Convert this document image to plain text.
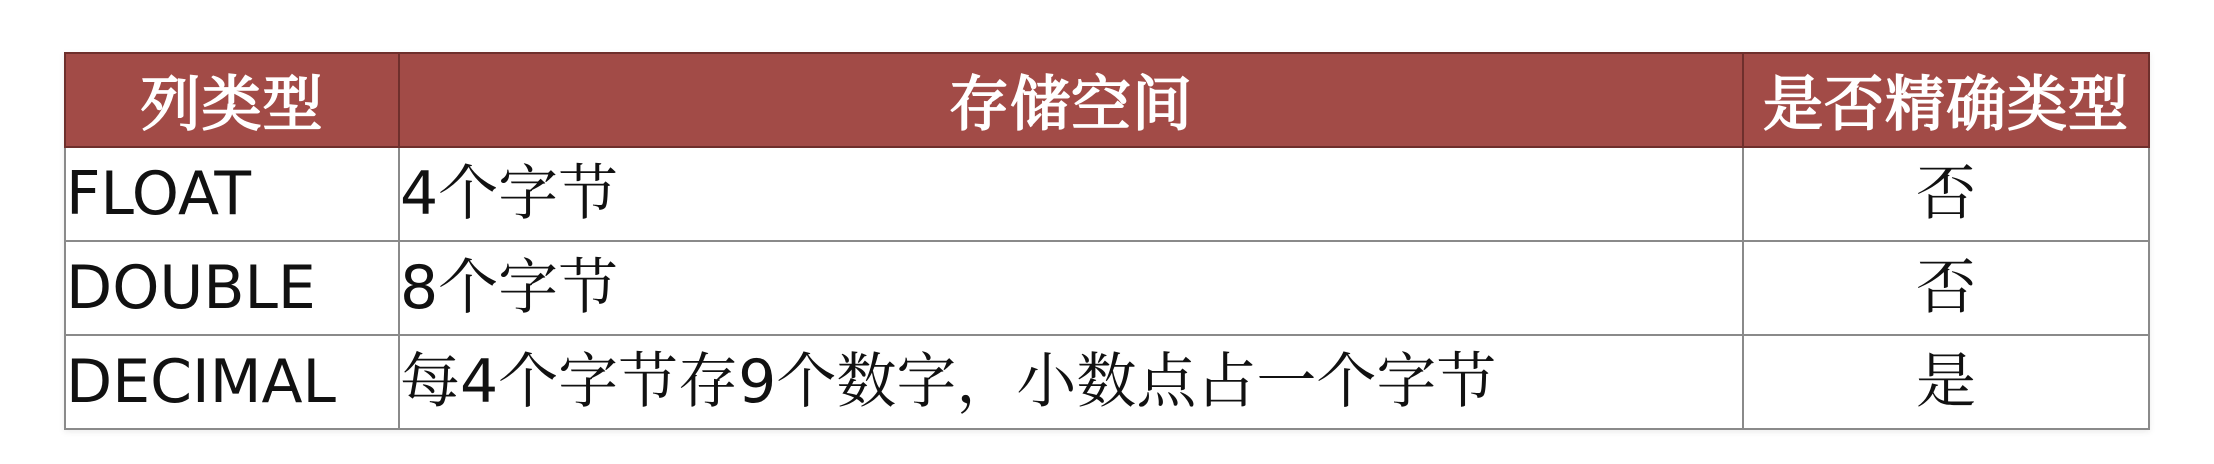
列类型	存储空间	是否精确类型
FLOAT	4个字节	否
DOUBLE	8个字节	否
DECIMAL	每4个字节存9个数字，小数点占一个字节	是
